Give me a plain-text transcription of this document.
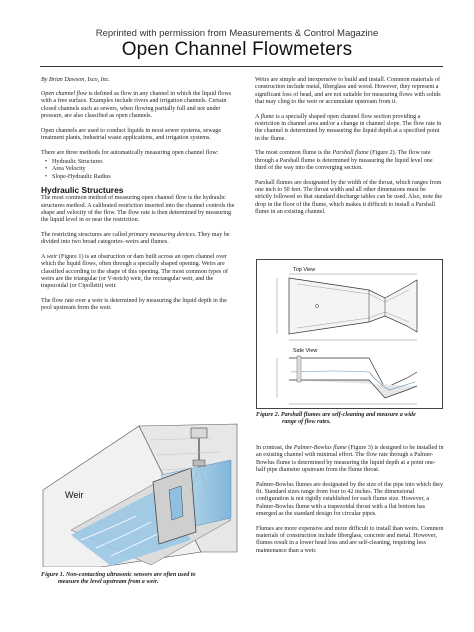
Reprinted with permission from Measurements & Control Magazine
Open Channel Flowmeters

By Brian Dawson, Isco, Inc.

Open channel flow is defined as flow in any channel in which the liquid flows with a free surface. Examples include rivers and irrigation channels. Certain closed channels such as sewers, when flowing partially full and not under pressure, are also classified as open channels.

Open channels are used to conduct liquids in most sewer systems, sewage treatment plants, industrial waste applications, and irrigation systems.

There are three methods for automatically measuring open channel flow:

• Hydraulic Structures
• Area Velocity
• Slope-Hydraulic Radius
Hydraulic Structures

The most common method of measuring open channel flow is the hydraulic structures method. A calibrated restriction inserted into the channel controls the shape and velocity of the flow. The flow rate is then determined by measuring the liquid level in or near the restriction.

The restricting structures are called primary measuring devices. They may be divided into two broad categories–weirs and flumes.

A weir (Figure 1) is an obstruction or dam built across an open channel over which the liquid flows, often through a specially shaped opening. Weirs are classified according to the shape of this opening. The most common types of weirs are the triangular (or V-notch) weir, the rectangular weir, and the trapezoidal (or Cipolletti) weir.

The flow rate over a weir is determined by measuring the liquid depth in the pool upstream from the weir.

Weir
Figure 1. Non-contacting ultrasonic sensors are often used to
measure the level upstream from a weir.

Weirs are simple and inexpensive to build and install. Common materials of construction include metal, fiberglass and wood. However, they represent a significant loss of head, and are not suitable for measuring flows with solids that may cling to the weir or accumulate upstream from it.

A flume is a specially shaped open channel flow section providing a restriction in channel area and/or a change in channel slope. The flow rate in the channel is determined by measuring the liquid depth at a specified point in the flume.

The most common flume is the Parshall flume (Figure 2). The flow rate through a Parshall flume is determined by measuring the liquid level one third of the way into the converging section.

Parshall flumes are designated by the width of the throat, which ranges from one inch to 50 feet. The throat width and all other dimensions must be strictly followed so that standard discharge tables can be used. Also, note the drop in the floor of the flume, which makes it difficult to install a Parshall flume in an existing channel.

Top View
Side View
Figure 2. Parshall flumes are self-cleaning and measure a wide
range of flow rates.

In contrast, the Palmer-Bowlus flume (Figure 3) is designed to be installed in an existing channel with minimal effort. The flow rate through a Palmer-Bowlus flume is determined by measuring the liquid depth at a point one-half pipe diameter upstream from the flume throat.

Palmer-Bowlus flumes are designated by the size of the pipe into which they fit. Standard sizes range from four to 42 inches. The dimensional configuration is not rigidly established for each flume size. However, a Palmer-Bowlus flume with a trapezoidal throat with a flat bottom has emerged as the standard design for circular pipes.

Flumes are more expensive and more difficult to install than weirs. Common materials of construction include fiberglass, concrete and metal. However, flumes result in a lower head loss and are self-cleaning, requiring less maintenance than a weir.
